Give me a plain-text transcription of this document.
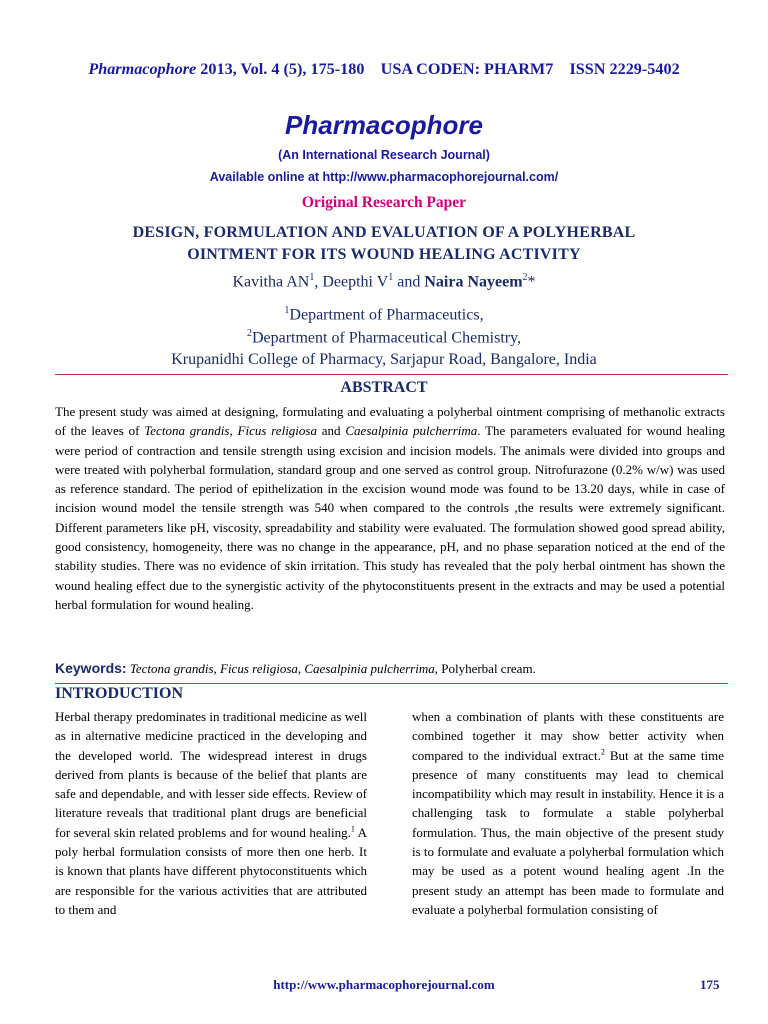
Pharmacophore 2013, Vol. 4 (5), 175-180 USA CODEN: PHARM7 ISSN 2229-5402
Pharmacophore
(An International Research Journal)
Available online at http://www.pharmacophorejournal.com/
Original Research Paper
DESIGN, FORMULATION AND EVALUATION OF A POLYHERBAL
OINTMENT FOR ITS WOUND HEALING ACTIVITY
Kavitha $AN^1$, Deepthi $V^1$ and Naira Nayeem$^2$*
$^1$Department of Pharmaceutics,
$^2$Department of Pharmaceutical Chemistry,
Krupanidhi College of Pharmacy, Sarjapur Road, Bangalore, India
ABSTRACT
The present study was aimed at designing, formulating and evaluating a polyherbal ointment comprising of methanolic extracts of the leaves of Tectona grandis, Ficus religiosa and Caesalpinia pulcherrima. The parameters evaluated for wound healing were period of contraction and tensile strength using excision and incision models. The animals were divided into groups and were treated with polyherbal formulation, standard group and one served as control group. Nitrofurazone (0.2% w/w) was used as reference standard. The period of epithelization in the excision wound mode was found to be 13.20 days, while in case of incision wound model the tensile strength was 540 when compared to the controls ,the results were extremely significant. Different parameters like pH, viscosity, spreadability and stability were evaluated. The formulation showed good spread ability, good consistency, homogeneity, there was no change in the appearance, pH, and no phase separation noticed at the end of the stability studies. There was no evidence of skin irritation. This study has revealed that the poly herbal ointment has shown the wound healing effect due to the synergistic activity of the phytoconstituents present in the extracts and may be used a potential herbal formulation for wound healing.
Keywords: Tectona grandis, Ficus religiosa, Caesalpinia pulcherrima, Polyherbal cream.
INTRODUCTION
Herbal therapy predominates in traditional medicine as well as in alternative medicine practiced in the developing and the developed world. The widespread interest in drugs derived from plants is because of the belief that plants are safe and dependable, and with lesser side effects. Review of literature reveals that traditional plant drugs are beneficial for several skin related problems and for wound healing.$^1$ A poly herbal formulation consists of more then one herb. It is known that plants have different phytoconstituents which are responsible for the various activities that are attributed to them and
when a combination of plants with these constituents are combined together it may show better activity when compared to the individual extract.$^2$ But at the same time presence of many constituents may lead to chemical incompatibility which may result in instability. Hence it is a challenging task to formulate a stable polyherbal formulation. Thus, the main objective of the present study is to formulate and evaluate a polyherbal formulation which may be used as a potent wound healing agent .In the present study an attempt has been made to formulate and evaluate a polyherbal formulation consisting of
http://www.pharmacophorejournal.com	175
